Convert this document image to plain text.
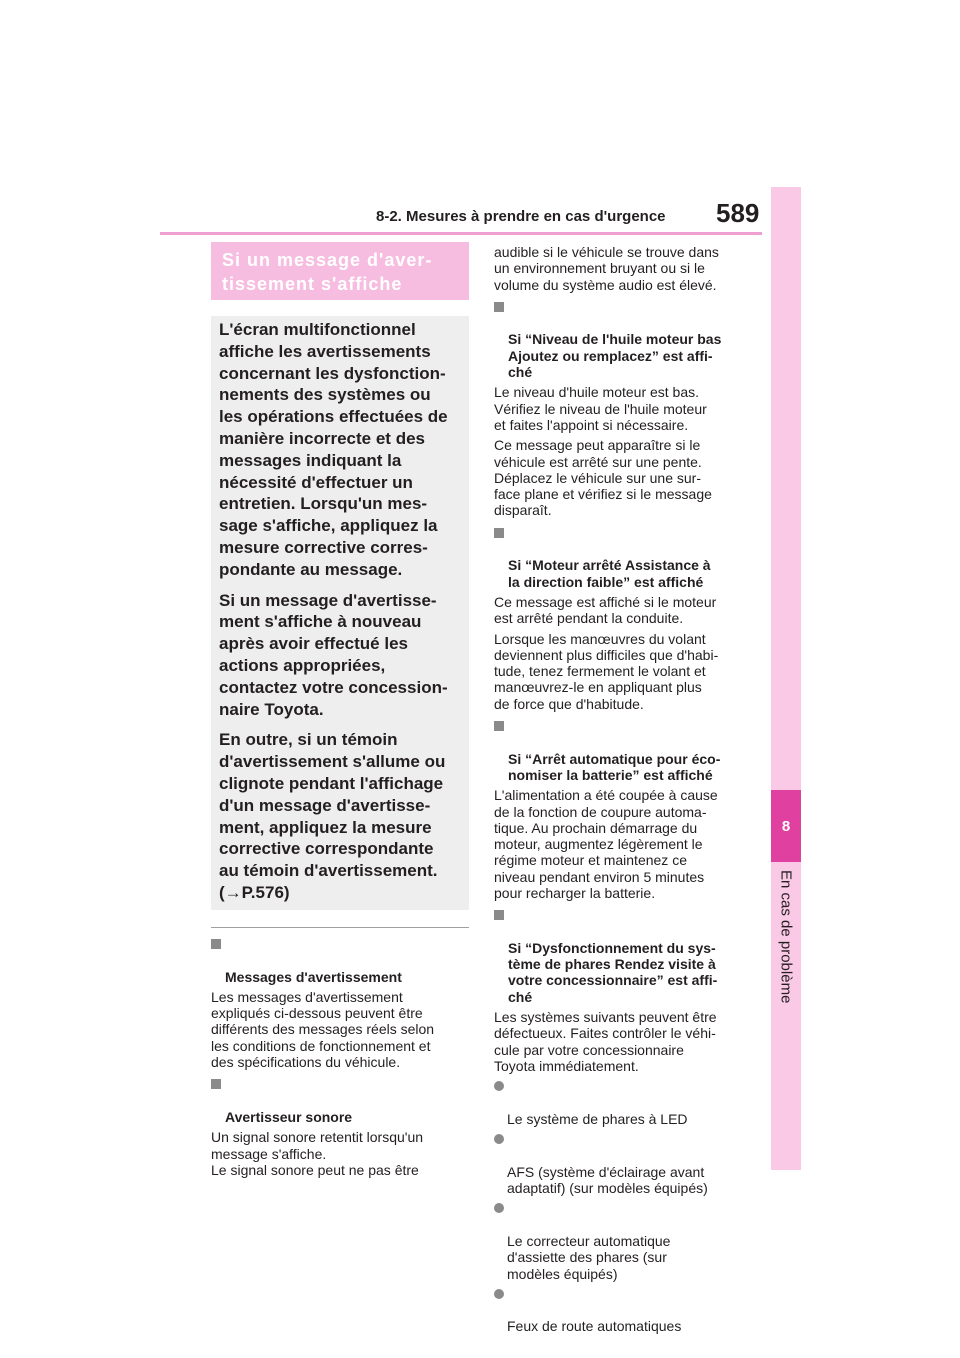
8-2. Mesures à prendre en cas d'urgence 589
8
En cas de problème
Si un message d'aver-
tissement s'affiche

L'écran multifonctionnel
affiche les avertissements
concernant les dysfonction-
nements des systèmes ou
les opérations effectuées de
manière incorrecte et des
messages indiquant la
nécessité d'effectuer un
entretien. Lorsqu'un mes-
sage s'affiche, appliquez la
mesure corrective corres-
pondante au message.

Si un message d'avertisse-
ment s'affiche à nouveau
après avoir effectué les
actions appropriées,
contactez votre concession-
naire Toyota.

En outre, si un témoin
d'avertissement s'allume ou
clignote pendant l'affichage
d'un message d'avertisse-
ment, appliquez la mesure
corrective correspondante
au témoin d'avertissement.
(→P.576)

Messages d'avertissement

Les messages d'avertissement
expliqués ci-dessous peuvent être
différents des messages réels selon
les conditions de fonctionnement et
des spécifications du véhicule.

Avertisseur sonore

Un signal sonore retentit lorsqu'un
message s'affiche.
Le signal sonore peut ne pas être

audible si le véhicule se trouve dans
un environnement bruyant ou si le
volume du système audio est élevé.

Si “Niveau de l'huile moteur bas
Ajoutez ou remplacez” est affi-
ché

Le niveau d'huile moteur est bas.
Vérifiez le niveau de l'huile moteur
et faites l'appoint si nécessaire.

Ce message peut apparaître si le
véhicule est arrêté sur une pente.
Déplacez le véhicule sur une sur-
face plane et vérifiez si le message
disparaît.

Si “Moteur arrêté Assistance à
la direction faible” est affiché

Ce message est affiché si le moteur
est arrêté pendant la conduite.

Lorsque les manœuvres du volant
deviennent plus difficiles que d'habi-
tude, tenez fermement le volant et
manœuvrez-le en appliquant plus
de force que d'habitude.

Si “Arrêt automatique pour éco-
nomiser la batterie” est affiché

L'alimentation a été coupée à cause
de la fonction de coupure automa-
tique. Au prochain démarrage du
moteur, augmentez légèrement le
régime moteur et maintenez ce
niveau pendant environ 5 minutes
pour recharger la batterie.

Si “Dysfonctionnement du sys-
tème de phares Rendez visite à
votre concessionnaire” est affi-
ché

Les systèmes suivants peuvent être
défectueux. Faites contrôler le véhi-
cule par votre concessionnaire
Toyota immédiatement.

Le système de phares à LED

AFS (système d'éclairage avant
adaptatif) (sur modèles équipés)

Le correcteur automatique
d'assiette des phares (sur
modèles équipés)

Feux de route automatiques
